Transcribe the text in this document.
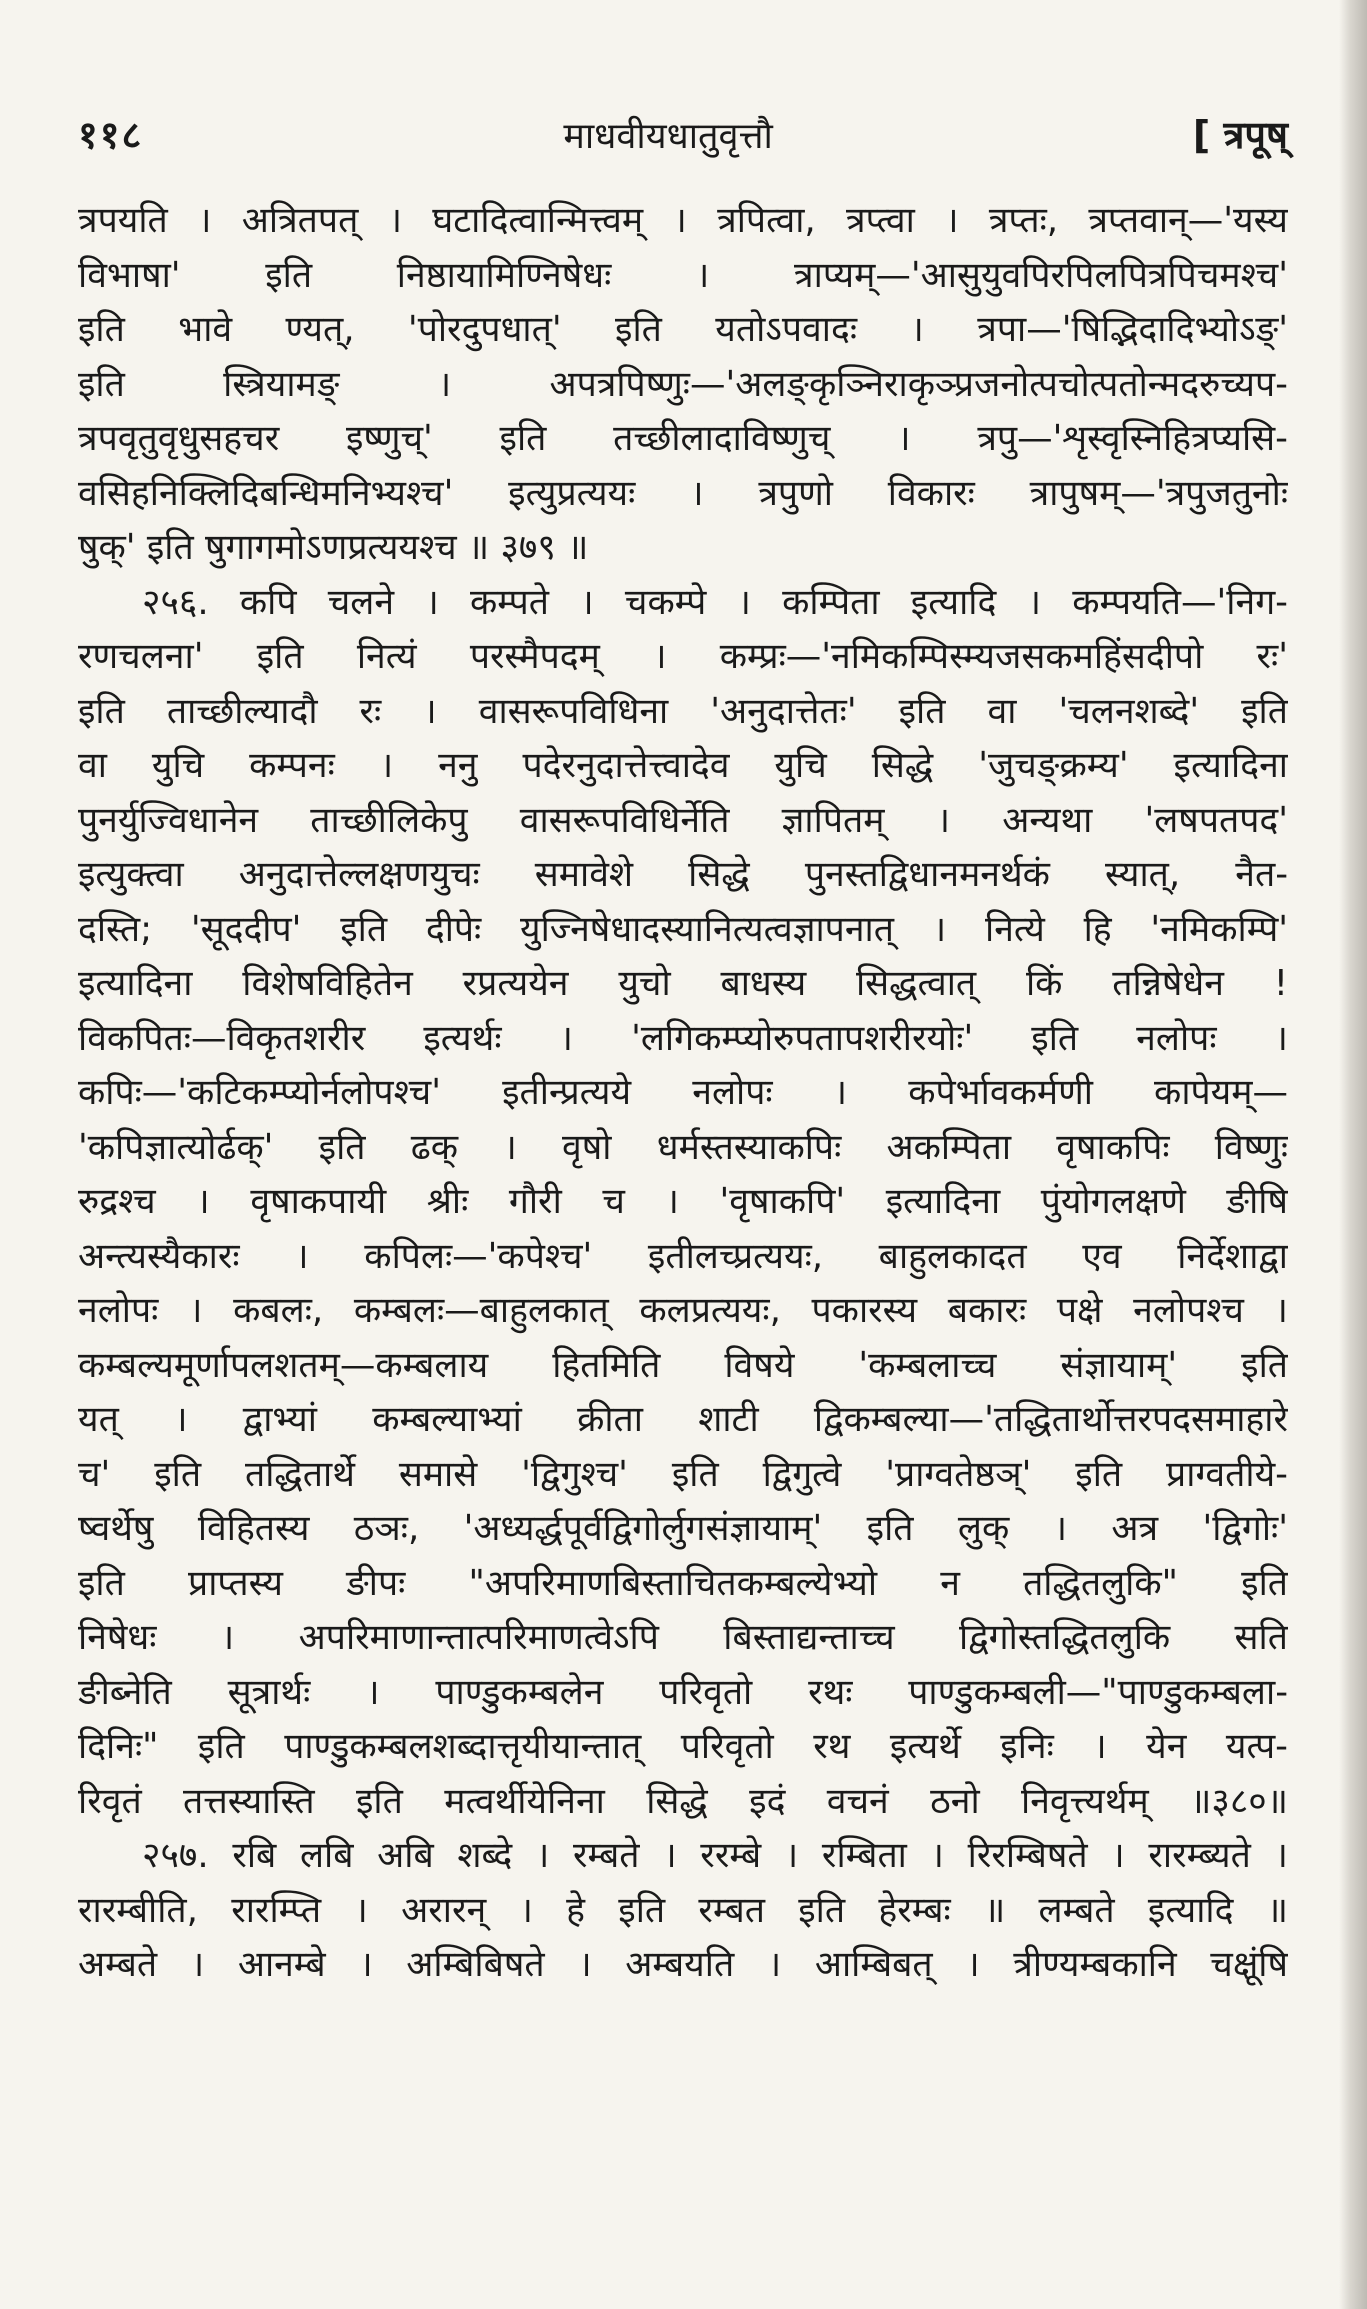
११८	माधवीयधातुवृत्तौ	[ त्रपूष्
त्रपयति । अत्रितपत् । घटादित्वान्मित्त्वम् । त्रपित्वा, त्रप्त्वा । त्रप्तः, त्रप्तवान्—'यस्य
विभाषा' इति निष्ठायामिण्निषेधः । त्राप्यम्—'आसुयुवपिरपिलपित्रपिचमश्च'
इति भावे ण्यत्, 'पोरदुपधात्' इति यतोऽपवादः । त्रपा—'षिद्भिदादिभ्योऽङ्'
इति स्त्रियामङ् । अपत्रपिष्णुः—'अलङ्कृञ्निराकृञ्प्रजनोत्पचोत्पतोन्मदरुच्यप-
त्रपवृतुवृधुसहचर इष्णुच्' इति तच्छीलादाविष्णुच् । त्रपु—'शृस्वृस्निहित्रप्यसि-
वसिहनिक्लिदिबन्धिमनिभ्यश्च' इत्युप्रत्ययः । त्रपुणो विकारः त्रापुषम्—'त्रपुजतुनोः
षुक्' इति षुगागमोऽणप्रत्ययश्च ॥ ३७९ ॥
२५६. कपि चलने । कम्पते । चकम्पे । कम्पिता इत्यादि । कम्पयति—'निग-
रणचलना' इति नित्यं परस्मैपदम् । कम्प्रः—'नमिकम्पिस्म्यजसकमहिंसदीपो रः'
इति ताच्छील्यादौ रः । वासरूपविधिना 'अनुदात्तेतः' इति वा 'चलनशब्दे' इति
वा युचि कम्पनः । ननु पदेरनुदात्तेत्त्वादेव युचि सिद्धे 'जुचङ्क्रम्य' इत्यादिना
पुनर्युज्विधानेन ताच्छीलिकेपु वासरूपविधिर्नेति ज्ञापितम् । अन्यथा 'लषपतपद'
इत्युक्त्वा अनुदात्तेल्लक्षणयुचः समावेशे सिद्धे पुनस्तद्विधानमनर्थकं स्यात्, नैत-
दस्ति; 'सूददीप' इति दीपेः युज्निषेधादस्यानित्यत्वज्ञापनात् । नित्ये हि 'नमिकम्पि'
इत्यादिना विशेषविहितेन रप्रत्ययेन युचो बाधस्य सिद्धत्वात् किं तन्निषेधेन !
विकपितः—विकृतशरीर इत्यर्थः । 'लगिकम्प्योरुपतापशरीरयोः' इति नलोपः ।
कपिः—'कटिकम्प्योर्नलोपश्च' इतीन्प्रत्यये नलोपः । कपेर्भावकर्मणी कापेयम्—
'कपिज्ञात्योर्ढक्' इति ढक् । वृषो धर्मस्तस्याकपिः अकम्पिता वृषाकपिः विष्णुः
रुद्रश्च । वृषाकपायी श्रीः गौरी च । 'वृषाकपि' इत्यादिना पुंयोगलक्षणे ङीषि
अन्त्यस्यैकारः । कपिलः—'कपेश्च' इतीलच्प्रत्ययः, बाहुलकादत एव निर्देशाद्वा
नलोपः । कबलः, कम्बलः—बाहुलकात् कलप्रत्ययः, पकारस्य बकारः पक्षे नलोपश्च ।
कम्बल्यमूर्णापलशतम्—कम्बलाय हितमिति विषये 'कम्बलाच्च संज्ञायाम्' इति
यत् । द्वाभ्यां कम्बल्याभ्यां क्रीता शाटी द्विकम्बल्या—'तद्धितार्थोत्तरपदसमाहारे
च' इति तद्धितार्थे समासे 'द्विगुश्च' इति द्विगुत्वे 'प्राग्वतेष्ठञ्' इति प्राग्वतीये-
ष्वर्थेषु विहितस्य ठञः, 'अध्यर्द्धपूर्वद्विगोर्लुगसंज्ञायाम्' इति लुक् । अत्र 'द्विगोः'
इति प्राप्तस्य ङीपः "अपरिमाणबिस्ताचितकम्बल्येभ्यो न तद्धितलुकि" इति
निषेधः । अपरिमाणान्तात्परिमाणत्वेऽपि बिस्ताद्यन्ताच्च द्विगोस्तद्धितलुकि सति
ङीब्नेति सूत्रार्थः । पाण्डुकम्बलेन परिवृतो रथः पाण्डुकम्बली—"पाण्डुकम्बला-
दिनिः" इति पाण्डुकम्बलशब्दात्तृयीयान्तात् परिवृतो रथ इत्यर्थे इनिः । येन यत्प-
रिवृतं तत्तस्यास्ति इति मत्वर्थीयेनिना सिद्धे इदं वचनं ठनो निवृत्त्यर्थम् ॥३८०॥
२५७. रबि लबि अबि शब्दे । रम्बते । ररम्बे । रम्बिता । रिरम्बिषते । रारम्ब्यते ।
रारम्बीति, रारम्प्ति । अरारन् । हे इति रम्बत इति हेरम्बः ॥ लम्बते इत्यादि ॥
अम्बते । आनम्बे । अम्बिबिषते । अम्बयति । आम्बिबत् । त्रीण्यम्बकानि चक्षूंषि
